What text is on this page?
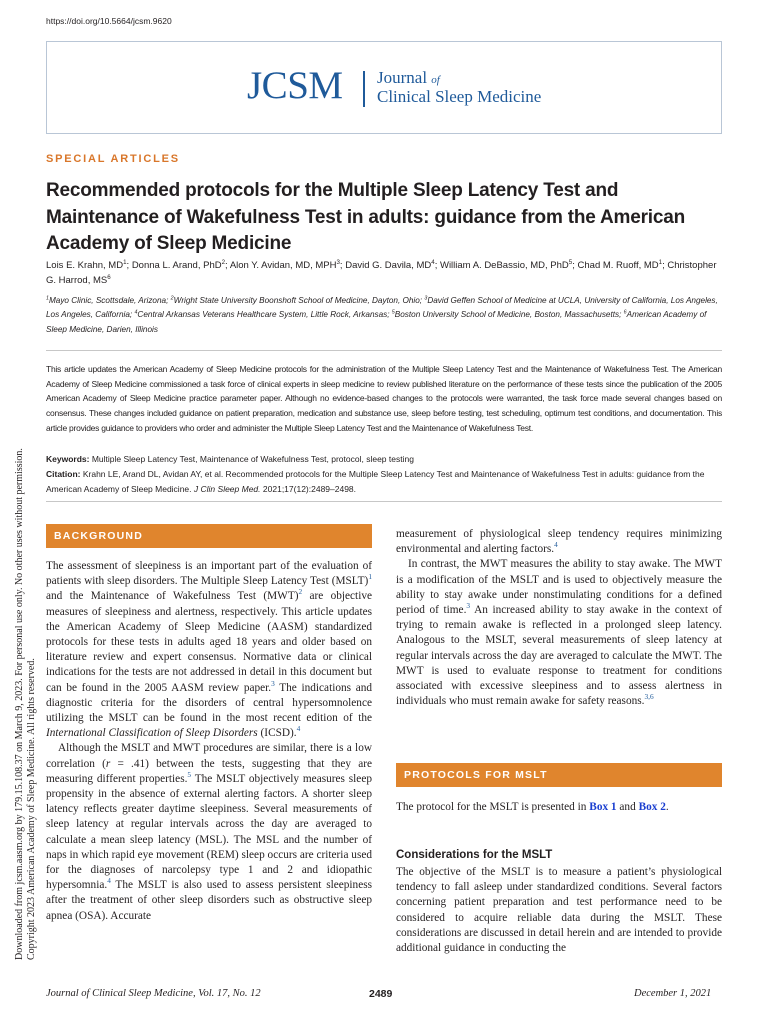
https://doi.org/10.5664/jcsm.9620
JCSM Journal of
Clinical Sleep Medicine
SPECIAL ARTICLES
Recommended protocols for the Multiple Sleep Latency Test and Maintenance of Wakefulness Test in adults: guidance from the American Academy of Sleep Medicine
Lois E. Krahn, $MD^1$; Donna L. Arand, PhD$^2$; Alon Y. Avidan, MD, MPH$^3$; David G. Davila, $MD^4$; William A. DeBassio, MD, PhD$^5$; Chad M. Ruoff, $MD^1$; Christopher G. Harrod, $MS^6$
$^1$Mayo Clinic, Scottsdale, Arizona; $^2$Wright State University Boonshoft School of Medicine, Dayton, Ohio; $^3$David Geffen School of Medicine at UCLA, University of California, Los Angeles, Los Angeles, California; $^4$Central Arkansas Veterans Healthcare System, Little Rock, Arkansas; $^5$Boston University School of Medicine, Boston, Massachusetts; $^6$American Academy of Sleep Medicine, Darien, Illinois
This article updates the American Academy of Sleep Medicine protocols for the administration of the Multiple Sleep Latency Test and the Maintenance of Wakefulness Test. The American Academy of Sleep Medicine commissioned a task force of clinical experts in sleep medicine to review published literature on the performance of these tests since the publication of the 2005 American Academy of Sleep Medicine practice parameter paper. Although no evidence-based changes to the protocols were warranted, the task force made several changes based on consensus. These changes included guidance on patient preparation, medication and substance use, sleep before testing, test scheduling, optimum test conditions, and documentation. This article provides guidance to providers who order and administer the Multiple Sleep Latency Test and the Maintenance of Wakefulness Test.
Keywords: Multiple Sleep Latency Test, Maintenance of Wakefulness Test, protocol, sleep testing
Citation: Krahn LE, Arand DL, Avidan AY, et al. Recommended protocols for the Multiple Sleep Latency Test and Maintenance of Wakefulness Test in adults: guidance from the American Academy of Sleep Medicine. J Clin Sleep Med. 2021;17(12):2489–2498.
BACKGROUND

The assessment of sleepiness is an important part of the evaluation of patients with sleep disorders. The Multiple Sleep Latency Test (MSLT)$^1$ and the Maintenance of Wakefulness Test (MWT)$^2$ are objective measures of sleepiness and alertness, respectively. This article updates the American Academy of Sleep Medicine (AASM) standardized protocols for these tests in adults aged 18 years and older based on literature review and expert consensus. Normative data or clinical indications for the tests are not addressed in detail in this document but can be found in the 2005 AASM review paper.$^3$ The indications and diagnostic criteria for the disorders of central hypersomnolence utilizing the MSLT can be found in the most recent edition of the International Classification of Sleep Disorders (ICSD).$^4$

Although the MSLT and MWT procedures are similar, there is a low correlation (r = .41) between the tests, suggesting that they are measuring different properties.$^5$ The MSLT objectively measures sleep propensity in the absence of external alerting factors. A shorter sleep latency reflects greater daytime sleepiness. Several measurements of sleep latency at regular intervals across the day are averaged to calculate a mean sleep latency (MSL). The MSL and the number of naps in which rapid eye movement (REM) sleep occurs are criteria used for the diagnoses of narcolepsy type 1 and 2 and idiopathic hypersomnia.$^4$ The MSLT is also used to assess persistent sleepiness after the treatment of other sleep disorders such as obstructive sleep apnea (OSA). Accurate

measurement of physiological sleep tendency requires minimizing environmental and alerting factors.$^4$

In contrast, the MWT measures the ability to stay awake. The MWT is a modification of the MSLT and is used to objectively measure the ability to stay awake under nonstimulating conditions for a defined period of time.$^3$ An increased ability to stay awake in the context of trying to remain awake is reflected in a prolonged sleep latency. Analogous to the MSLT, several measurements of sleep latency at regular intervals across the day are averaged to calculate the MWT. The MWT is used to evaluate response to treatment for conditions associated with excessive sleepiness and to assess alertness in individuals who must remain awake for safety reasons.$^{3,6}$

PROTOCOLS FOR MSLT

The protocol for the MSLT is presented in Box 1 and Box 2.

Considerations for the MSLT

The objective of the MSLT is to measure a patient’s physiological tendency to fall asleep under standardized conditions. Several factors concerning patient preparation and test performance need to be considered to acquire reliable data during the MSLT. These considerations are discussed in detail herein and are intended to provide additional guidance in conducting the

Downloaded from jcsm.aasm.org by 179.15.108.37 on March 9, 2023. For personal use only. No other uses without permission. Copyright 2023 American Academy of Sleep Medicine. All rights reserved.
Journal of Clinical Sleep Medicine, Vol. 17, No. 12	2489	December 1, 2021
